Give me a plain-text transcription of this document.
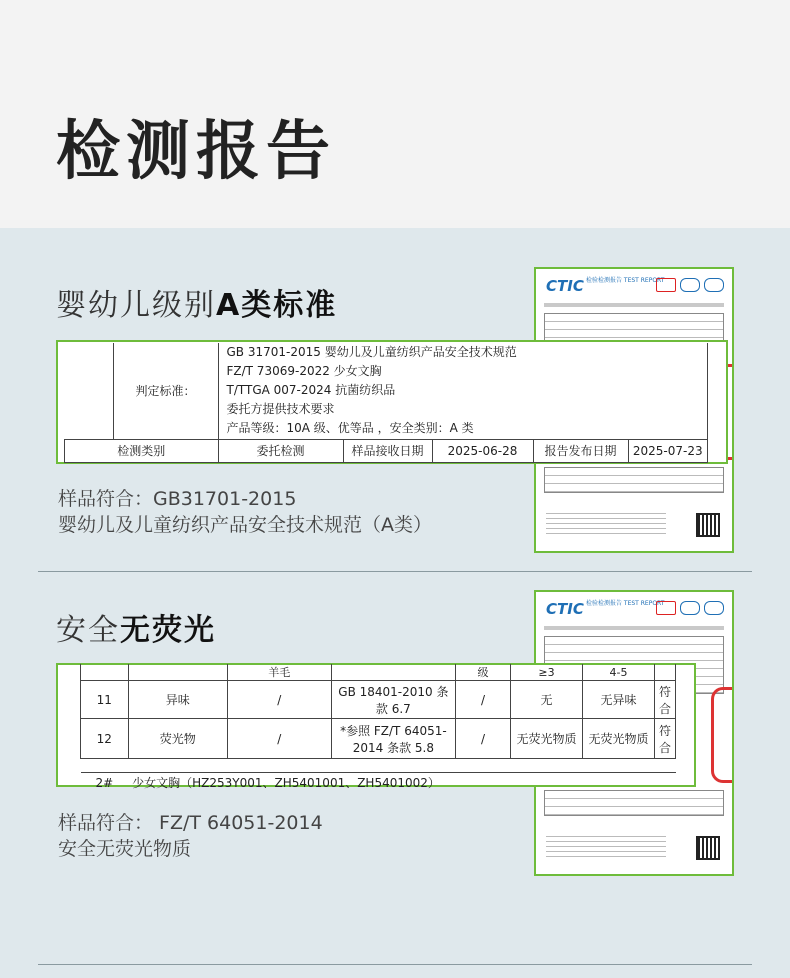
检测报告
婴幼儿级别A类标准
CTIC 检验检测报告 TEST REPORT
	判定标准：	GB 31701-2015 婴幼儿及儿童纺织产品安全技术规范
FZ/T 73069-2022 少女文胸
T/TTGA 007-2024 抗菌纺织品
委托方提供技术要求
产品等级：10A 级、优等品 ，安全类别：A 类				

检测类别		委托检测	样品接收日期	2025-06-28	报告发布日期	2025-07-23
样品符合：GB31701-2015
婴幼儿及儿童纺织产品安全技术规范（A类）
安全无荧光
CTIC 检验检测报告 TEST REPORT
		羊毛		级	≥3	4-5	
11	异味	/	GB 18401-2010 条款 6.7	/	无	无异味	符合
12	荧光物	/	*参照 FZ/T 64051-2014 条款 5.8	/	无荧光物质	无荧光物质	符合

2#	少女文胸（HZ253Y001、ZH5401001、ZH5401002）						
样品符合： FZ/T 64051-2014
安全无荧光物质
